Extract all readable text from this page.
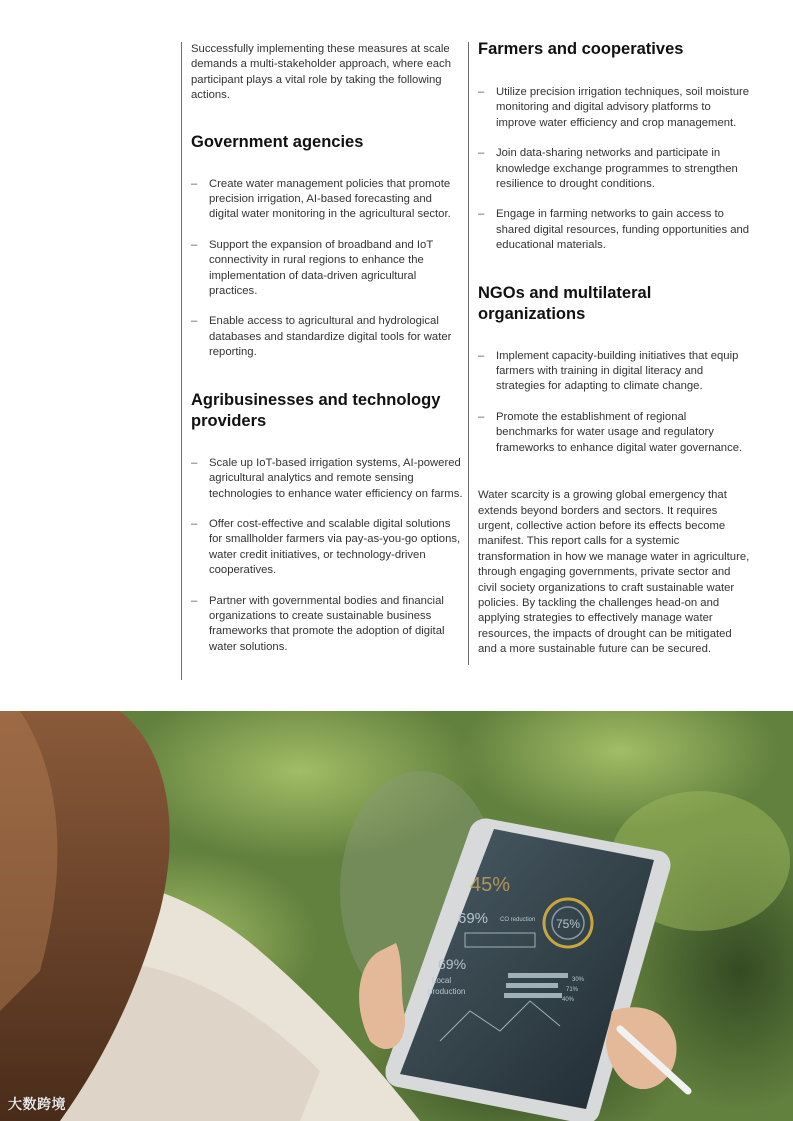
Successfully implementing these measures at scale demands a multi-stakeholder approach, where each participant plays a vital role by taking the following actions.

Government agencies
– Create water management policies that promote precision irrigation, AI-based forecasting and digital water monitoring in the agricultural sector.
– Support the expansion of broadband and IoT connectivity in rural regions to enhance the implementation of data-driven agricultural practices.
– Enable access to agricultural and hydrological databases and standardize digital tools for water reporting.
Agribusinesses and technology providers
– Scale up IoT-based irrigation systems, AI-powered agricultural analytics and remote sensing technologies to enhance water efficiency on farms.
– Offer cost-effective and scalable digital solutions for smallholder farmers via pay-as-you-go options, water credit initiatives, or technology-driven cooperatives.
– Partner with governmental bodies and financial organizations to create sustainable business frameworks that promote the adoption of digital water solutions.
Farmers and cooperatives
– Utilize precision irrigation techniques, soil moisture monitoring and digital advisory platforms to improve water efficiency and crop management.
– Join data-sharing networks and participate in knowledge exchange programmes to strengthen resilience to drought conditions.
– Engage in farming networks to gain access to shared digital resources, funding opportunities and educational materials.
NGOs and multilateral organizations
– Implement capacity-building initiatives that equip farmers with training in digital literacy and strategies for adapting to climate change.
– Promote the establishment of regional benchmarks for water usage and regulatory frameworks to enhance digital water governance.

Water scarcity is a growing global emergency that extends beyond borders and sectors. It requires urgent, collective action before its effects become manifest. This report calls for a systemic transformation in how we manage water in agriculture, through engaging governments, private sector and civil society organizations to craft sustainable water policies. By tackling the challenges head-on and applying strategies to effectively manage water resources, the impacts of drought can be mitigated and a more sustainable future can be secured.

45%
69% CO reduction 75%
69%
Local
production
30%
71%
40%
大数跨境
